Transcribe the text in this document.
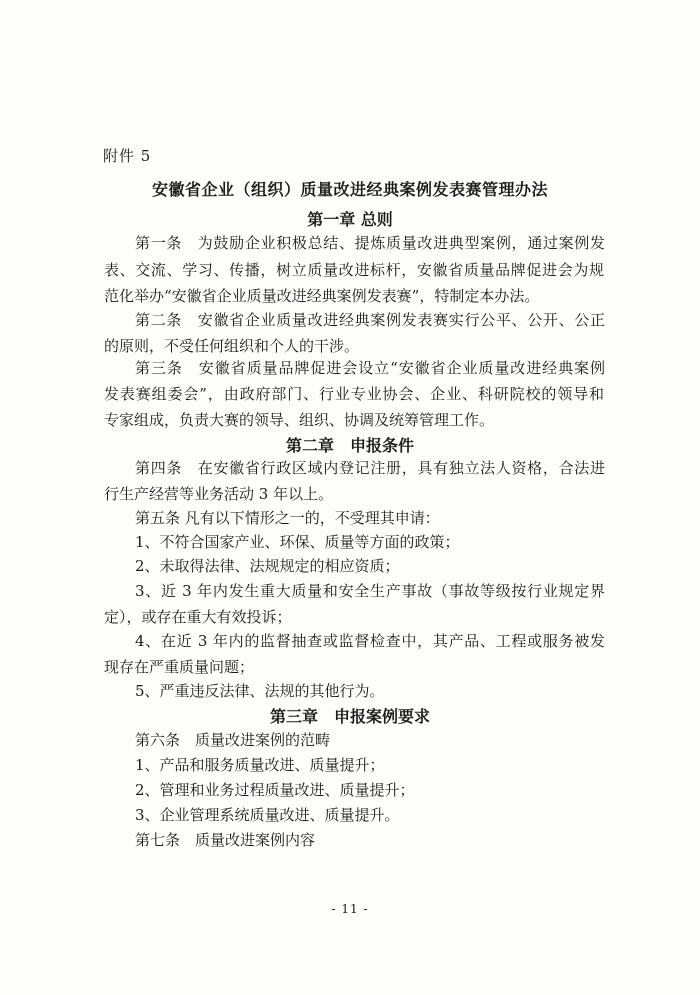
附件 5
安徽省企业（组织）质量改进经典案例发表赛管理办法
第一章 总则
第一条　为鼓励企业积极总结、提炼质量改进典型案例，通过案例发
表、交流、学习、传播，树立质量改进标杆，安徽省质量品牌促进会为规
范化举办“安徽省企业质量改进经典案例发表赛”，特制定本办法。
第二条　安徽省企业质量改进经典案例发表赛实行公平、公开、公正
的原则，不受任何组织和个人的干涉。
第三条　安徽省质量品牌促进会设立“安徽省企业质量改进经典案例
发表赛组委会”，由政府部门、行业专业协会、企业、科研院校的领导和
专家组成，负责大赛的领导、组织、协调及统筹管理工作。
第二章　申报条件
第四条　在安徽省行政区域内登记注册，具有独立法人资格，合法进
行生产经营等业务活动 3 年以上。
第五条 凡有以下情形之一的，不受理其申请：
1、不符合国家产业、环保、质量等方面的政策；
2、未取得法律、法规规定的相应资质；
3、近 3 年内发生重大质量和安全生产事故（事故等级按行业规定界
定），或存在重大有效投诉；
4、在近 3 年内的监督抽查或监督检查中，其产品、工程或服务被发
现存在严重质量问题；
5、严重违反法律、法规的其他行为。
第三章　申报案例要求
第六条　质量改进案例的范畴
1、产品和服务质量改进、质量提升；
2、管理和业务过程质量改进、质量提升；
3、企业管理系统质量改进、质量提升。
第七条　质量改进案例内容
- 11 -
